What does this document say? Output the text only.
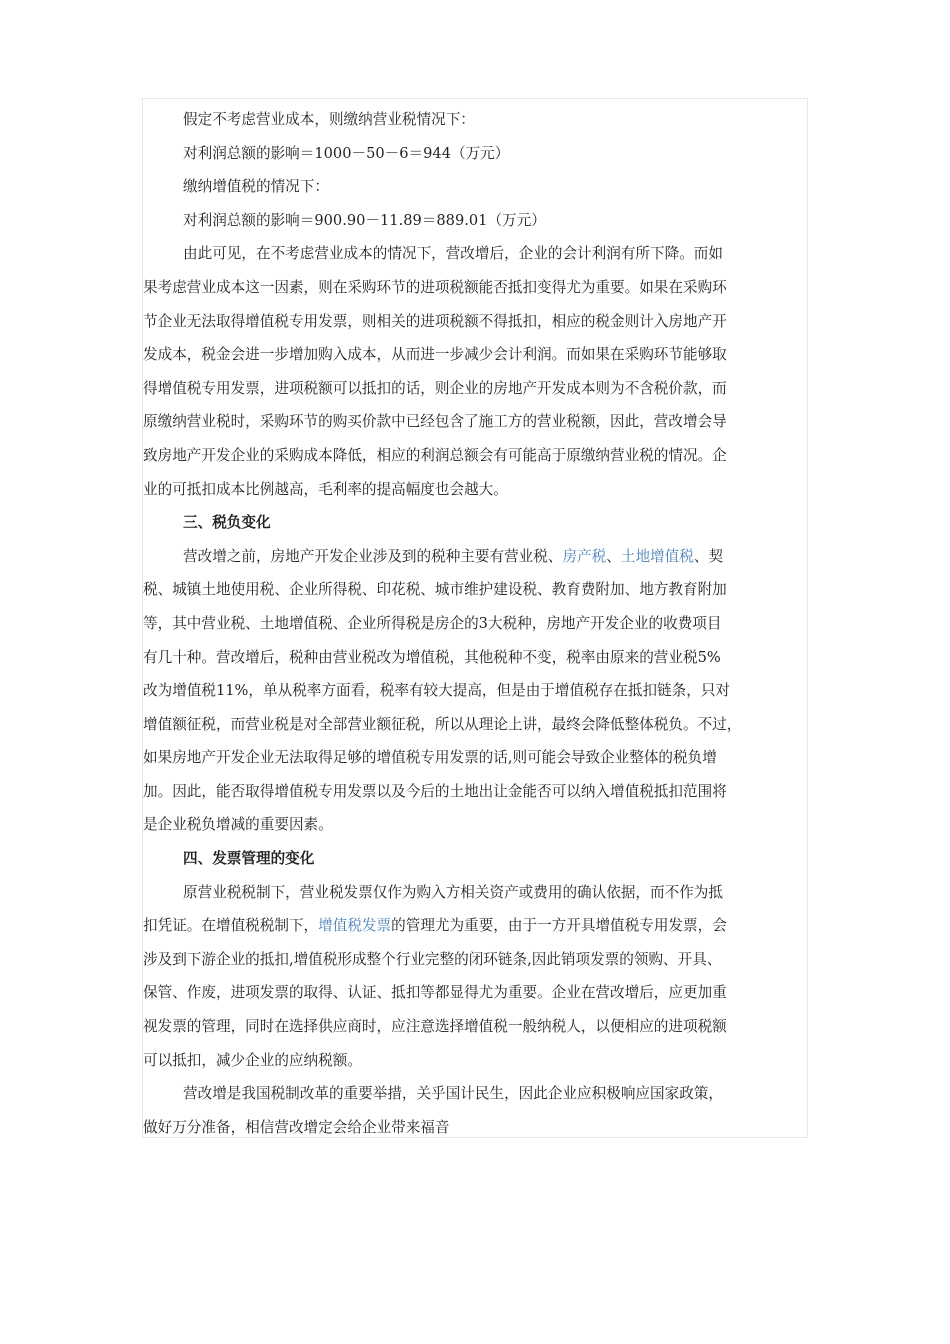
假定不考虑营业成本，则缴纳营业税情况下：
对利润总额的影响＝1000－50－6＝944（万元）
缴纳增值税的情况下：
对利润总额的影响＝900.90－11.89＝889.01（万元）
由此可见，在不考虑营业成本的情况下，营改增后，企业的会计利润有所下降。而如
果考虑营业成本这一因素，则在采购环节的进项税额能否抵扣变得尤为重要。如果在采购环
节企业无法取得增值税专用发票，则相关的进项税额不得抵扣，相应的税金则计入房地产开
发成本，税金会进一步增加购入成本，从而进一步减少会计利润。而如果在采购环节能够取
得增值税专用发票，进项税额可以抵扣的话，则企业的房地产开发成本则为不含税价款，而
原缴纳营业税时，采购环节的购买价款中已经包含了施工方的营业税额，因此，营改增会导
致房地产开发企业的采购成本降低，相应的利润总额会有可能高于原缴纳营业税的情况。企
业的可抵扣成本比例越高，毛利率的提高幅度也会越大。
三、税负变化
营改增之前，房地产开发企业涉及到的税种主要有营业税、房产税、土地增值税、契
税、城镇土地使用税、企业所得税、印花税、城市维护建设税、教育费附加、地方教育附加
等，其中营业税、土地增值税、企业所得税是房企的3大税种，房地产开发企业的收费项目
有几十种。营改增后，税种由营业税改为增值税，其他税种不变，税率由原来的营业税5%
改为增值税11%，单从税率方面看，税率有较大提高，但是由于增值税存在抵扣链条，只对
增值额征税，而营业税是对全部营业额征税，所以从理论上讲，最终会降低整体税负。不过，
如果房地产开发企业无法取得足够的增值税专用发票的话,则可能会导致企业整体的税负增
加。因此，能否取得增值税专用发票以及今后的土地出让金能否可以纳入增值税抵扣范围将
是企业税负增减的重要因素。
四、发票管理的变化
原营业税税制下，营业税发票仅作为购入方相关资产或费用的确认依据，而不作为抵
扣凭证。在增值税税制下，增值税发票的管理尤为重要，由于一方开具增值税专用发票，会
涉及到下游企业的抵扣,增值税形成整个行业完整的闭环链条,因此销项发票的领购、开具、
保管、作废，进项发票的取得、认证、抵扣等都显得尤为重要。企业在营改增后，应更加重
视发票的管理，同时在选择供应商时，应注意选择增值税一般纳税人，以便相应的进项税额
可以抵扣，减少企业的应纳税额。
营改增是我国税制改革的重要举措，关乎国计民生，因此企业应积极响应国家政策，
做好万分准备，相信营改增定会给企业带来福音
